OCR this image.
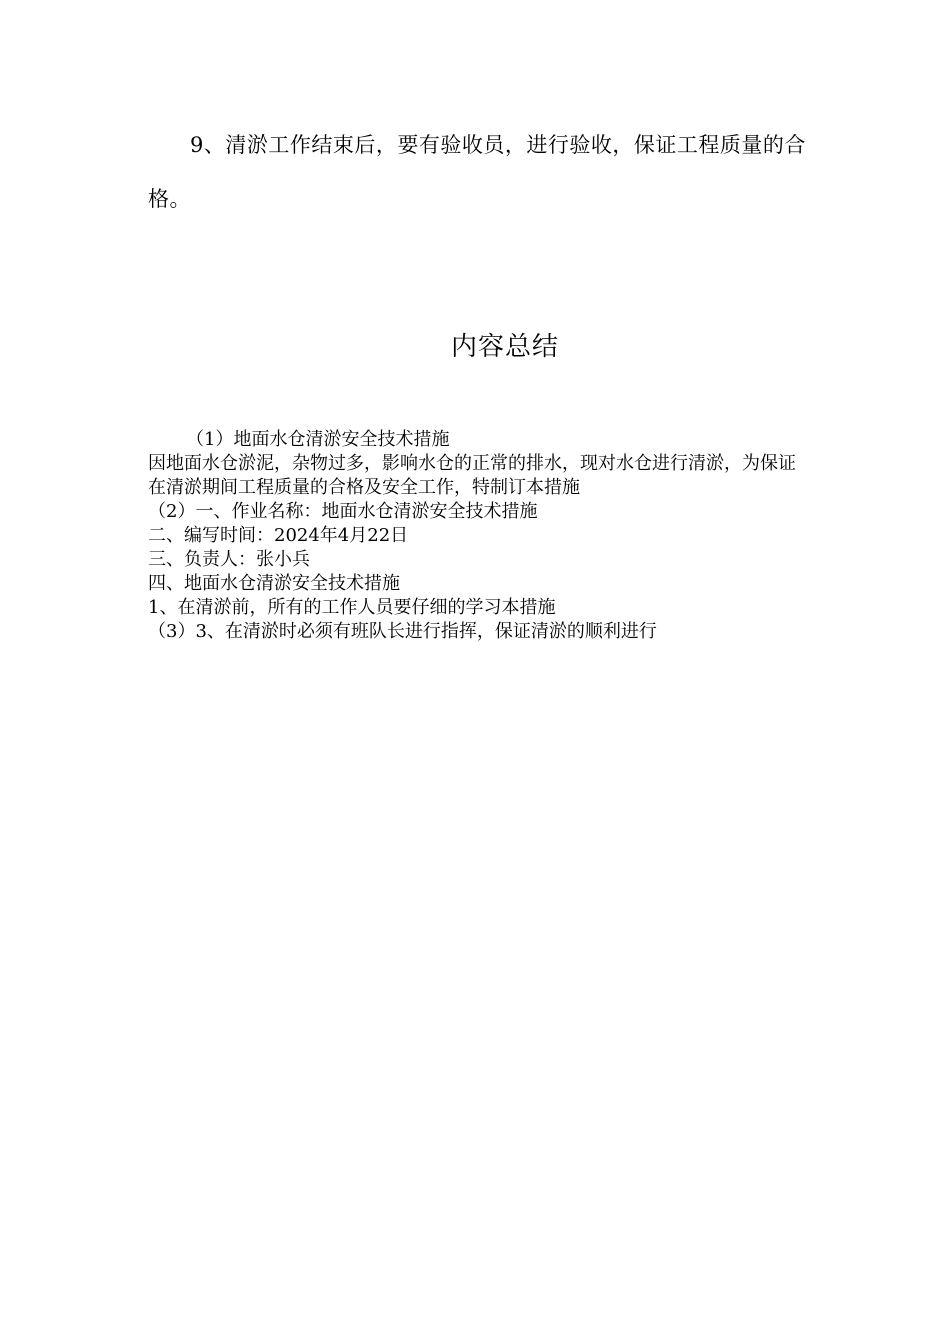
9、清淤工作结束后，要有验收员，进行验收，保证工程质量的合格。

内容总结
（1）地面水仓清淤安全技术措施
因地面水仓淤泥，杂物过多，影响水仓的正常的排水，现对水仓进行清淤，为保证在清淤期间工程质量的合格及安全工作，特制订本措施
（2）一、作业名称：地面水仓清淤安全技术措施
二、编写时间：2024年4月22日
三、负责人：张小兵
四、地面水仓清淤安全技术措施
1、在清淤前，所有的工作人员要仔细的学习本措施
（3）3、在清淤时必须有班队长进行指挥，保证清淤的顺利进行
